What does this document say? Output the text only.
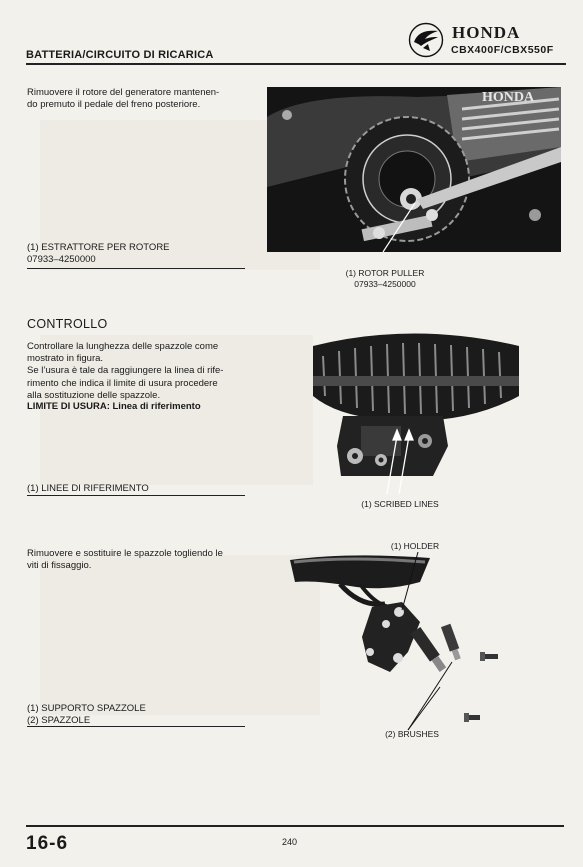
BATTERIA/CIRCUITO DI RICARICA
HONDA
CBX400F/CBX550F
Rimuovere il rotore del generatore mantenen-
do premuto il pedale del freno posteriore.
(1) ESTRATTORE PER ROTORE
07933–4250000
HONDA
(1) ROTOR PULLER
07933–4250000
CONTROLLO
Controllare la lunghezza delle spazzole come
mostrato in figura.
Se l’usura è tale da raggiungere la linea di rife-
rimento che indica il limite di usura procedere
alla sostituzione delle spazzole.
LIMITE DI USURA: Linea di riferimento
(1) LINEE DI RIFERIMENTO
(1) SCRIBED LINES
Rimuovere e sostituire le spazzole togliendo le
viti di fissaggio.
(1) SUPPORTO SPAZZOLE
(2) SPAZZOLE
(1) HOLDER
(2) BRUSHES
16-6	240
